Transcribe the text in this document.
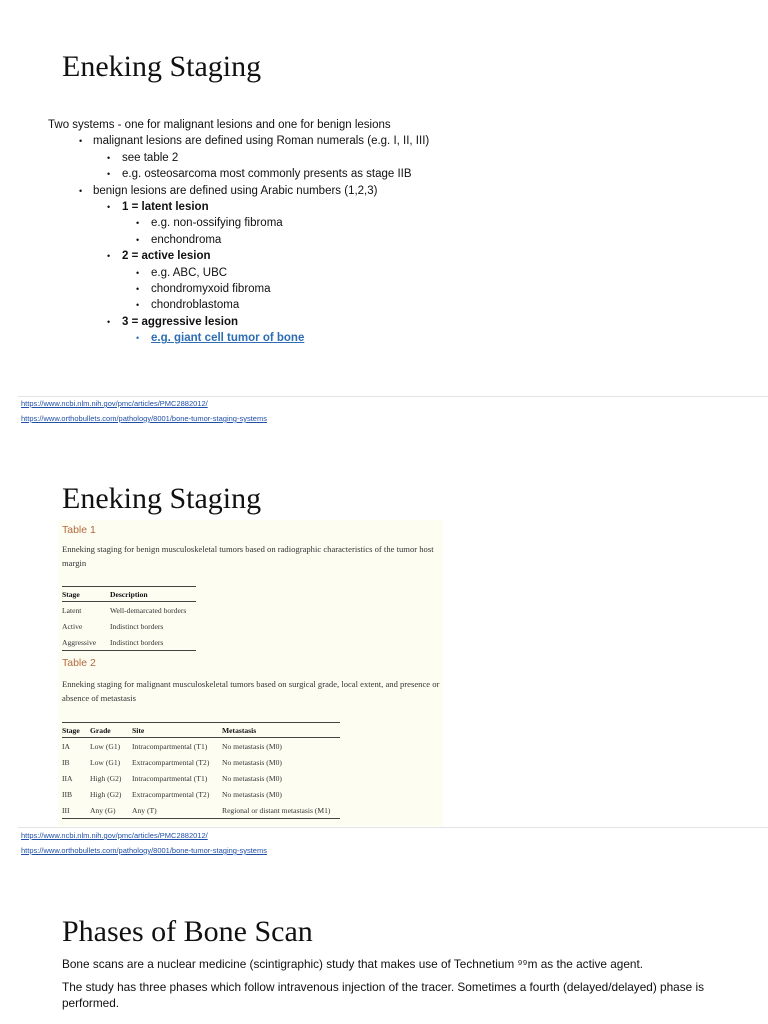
Eneking Staging
Two systems - one for malignant lesions and one for benign lesions
• malignant lesions are defined using Roman numerals (e.g. I, II, III)
• see table 2
• e.g. osteosarcoma most commonly presents as stage IIB
• benign lesions are defined using Arabic numbers (1,2,3)
• 1 = latent lesion
• e.g. non-ossifying fibroma
• enchondroma
• 2 = active lesion
• e.g. ABC, UBC
• chondromyxoid fibroma
• chondroblastoma
• 3 = aggressive lesion
• e.g. giant cell tumor of bone
https://www.ncbi.nlm.nih.gov/pmc/articles/PMC2882012/
https://www.orthobullets.com/pathology/8001/bone-tumor-staging-systems
Eneking Staging
Table 1
Enneking staging for benign musculoskeletal tumors based on radiographic characteristics of the tumor host margin
Stage	Description
Latent	Well-demarcated borders
Active	Indistinct borders
Aggressive	Indistinct borders
Table 2
Enneking staging for malignant musculoskeletal tumors based on surgical grade, local extent, and presence or absence of metastasis
Stage	Grade	Site	Metastasis
IA	Low (G1)	Intracompartmental (T1)	No metastasis (M0)
IB	Low (G1)	Extracompartmental (T2)	No metastasis (M0)
IIA	High (G2)	Intracompartmental (T1)	No metastasis (M0)
IIB	High (G2)	Extracompartmental (T2)	No metastasis (M0)
III	Any (G)	Any (T)	Regional or distant metastasis (M1)
https://www.ncbi.nlm.nih.gov/pmc/articles/PMC2882012/
https://www.orthobullets.com/pathology/8001/bone-tumor-staging-systems
Phases of Bone Scan
Bone scans are a nuclear medicine (scintigraphic) study that makes use of Technetium ⁹⁹m as the active agent.
The study has three phases which follow intravenous injection of the tracer. Sometimes a fourth (delayed/delayed) phase is performed.
